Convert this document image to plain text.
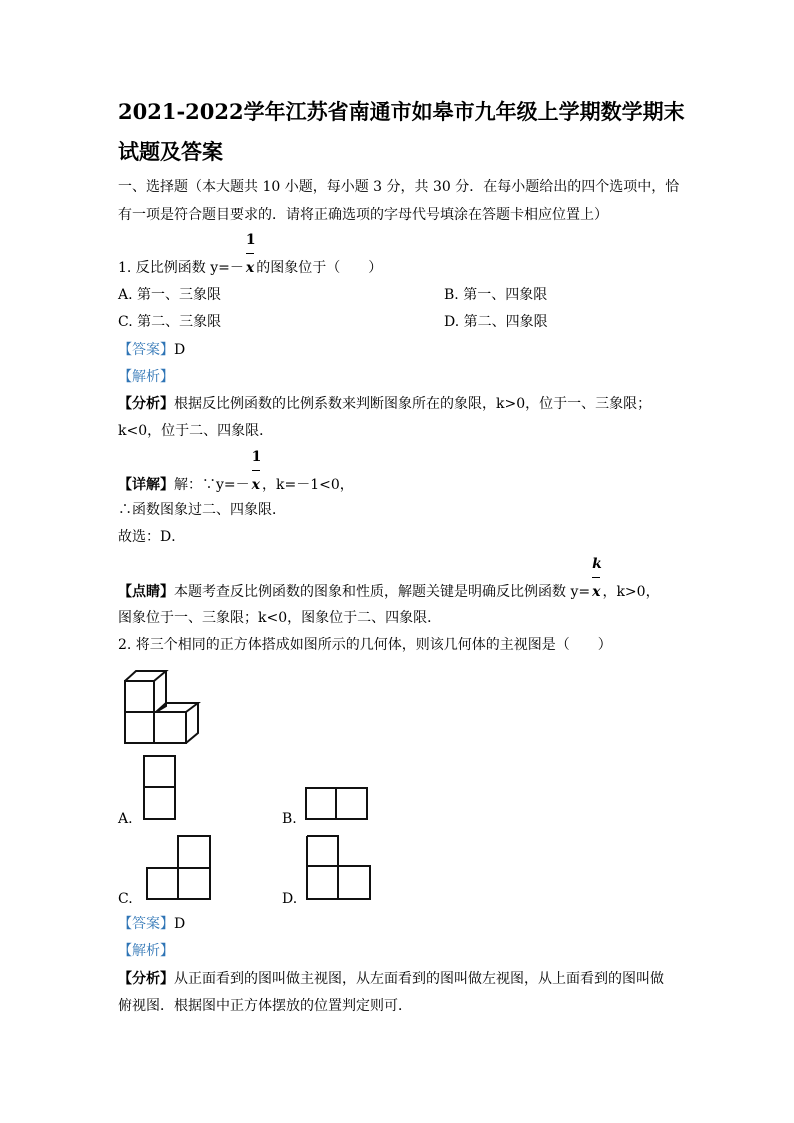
2021-2022学年江苏省南通市如皋市九年级上学期数学期末
试题及答案
一、选择题（本大题共 10 小题，每小题 3 分，共 30 分．在每小题给出的四个选项中，恰
有一项是符合题目要求的．请将正确选项的字母代号填涂在答题卡相应位置上）
1. 反比例函数 $y=- \frac{1}{x}$ 的图象位于（　　）
A. 第一、三象限	B. 第一、四象限
C. 第二、三象限	D. 第二、四象限
【答案】D
【解析】
【分析】根据反比例函数的比例系数来判断图象所在的象限，k>0，位于一、三象限；
k<0，位于二、四象限．
【详解】解：∵y=－ $\frac{1}{x}$ ，k=－1<0，
∴函数图象过二、四象限．
故选：D．
【点睛】本题考查反比例函数的图象和性质，解题关键是明确反比例函数 $y= \frac{k}{x}$ ，k>0，
图象位于一、三象限；k<0，图象位于二、四象限．
2. 将三个相同的正方体搭成如图所示的几何体，则该几何体的主视图是（　　）
A.	B.
C.	D.
【答案】D
【解析】
【分析】从正面看到的图叫做主视图，从左面看到的图叫做左视图，从上面看到的图叫做
俯视图．根据图中正方体摆放的位置判定则可．
